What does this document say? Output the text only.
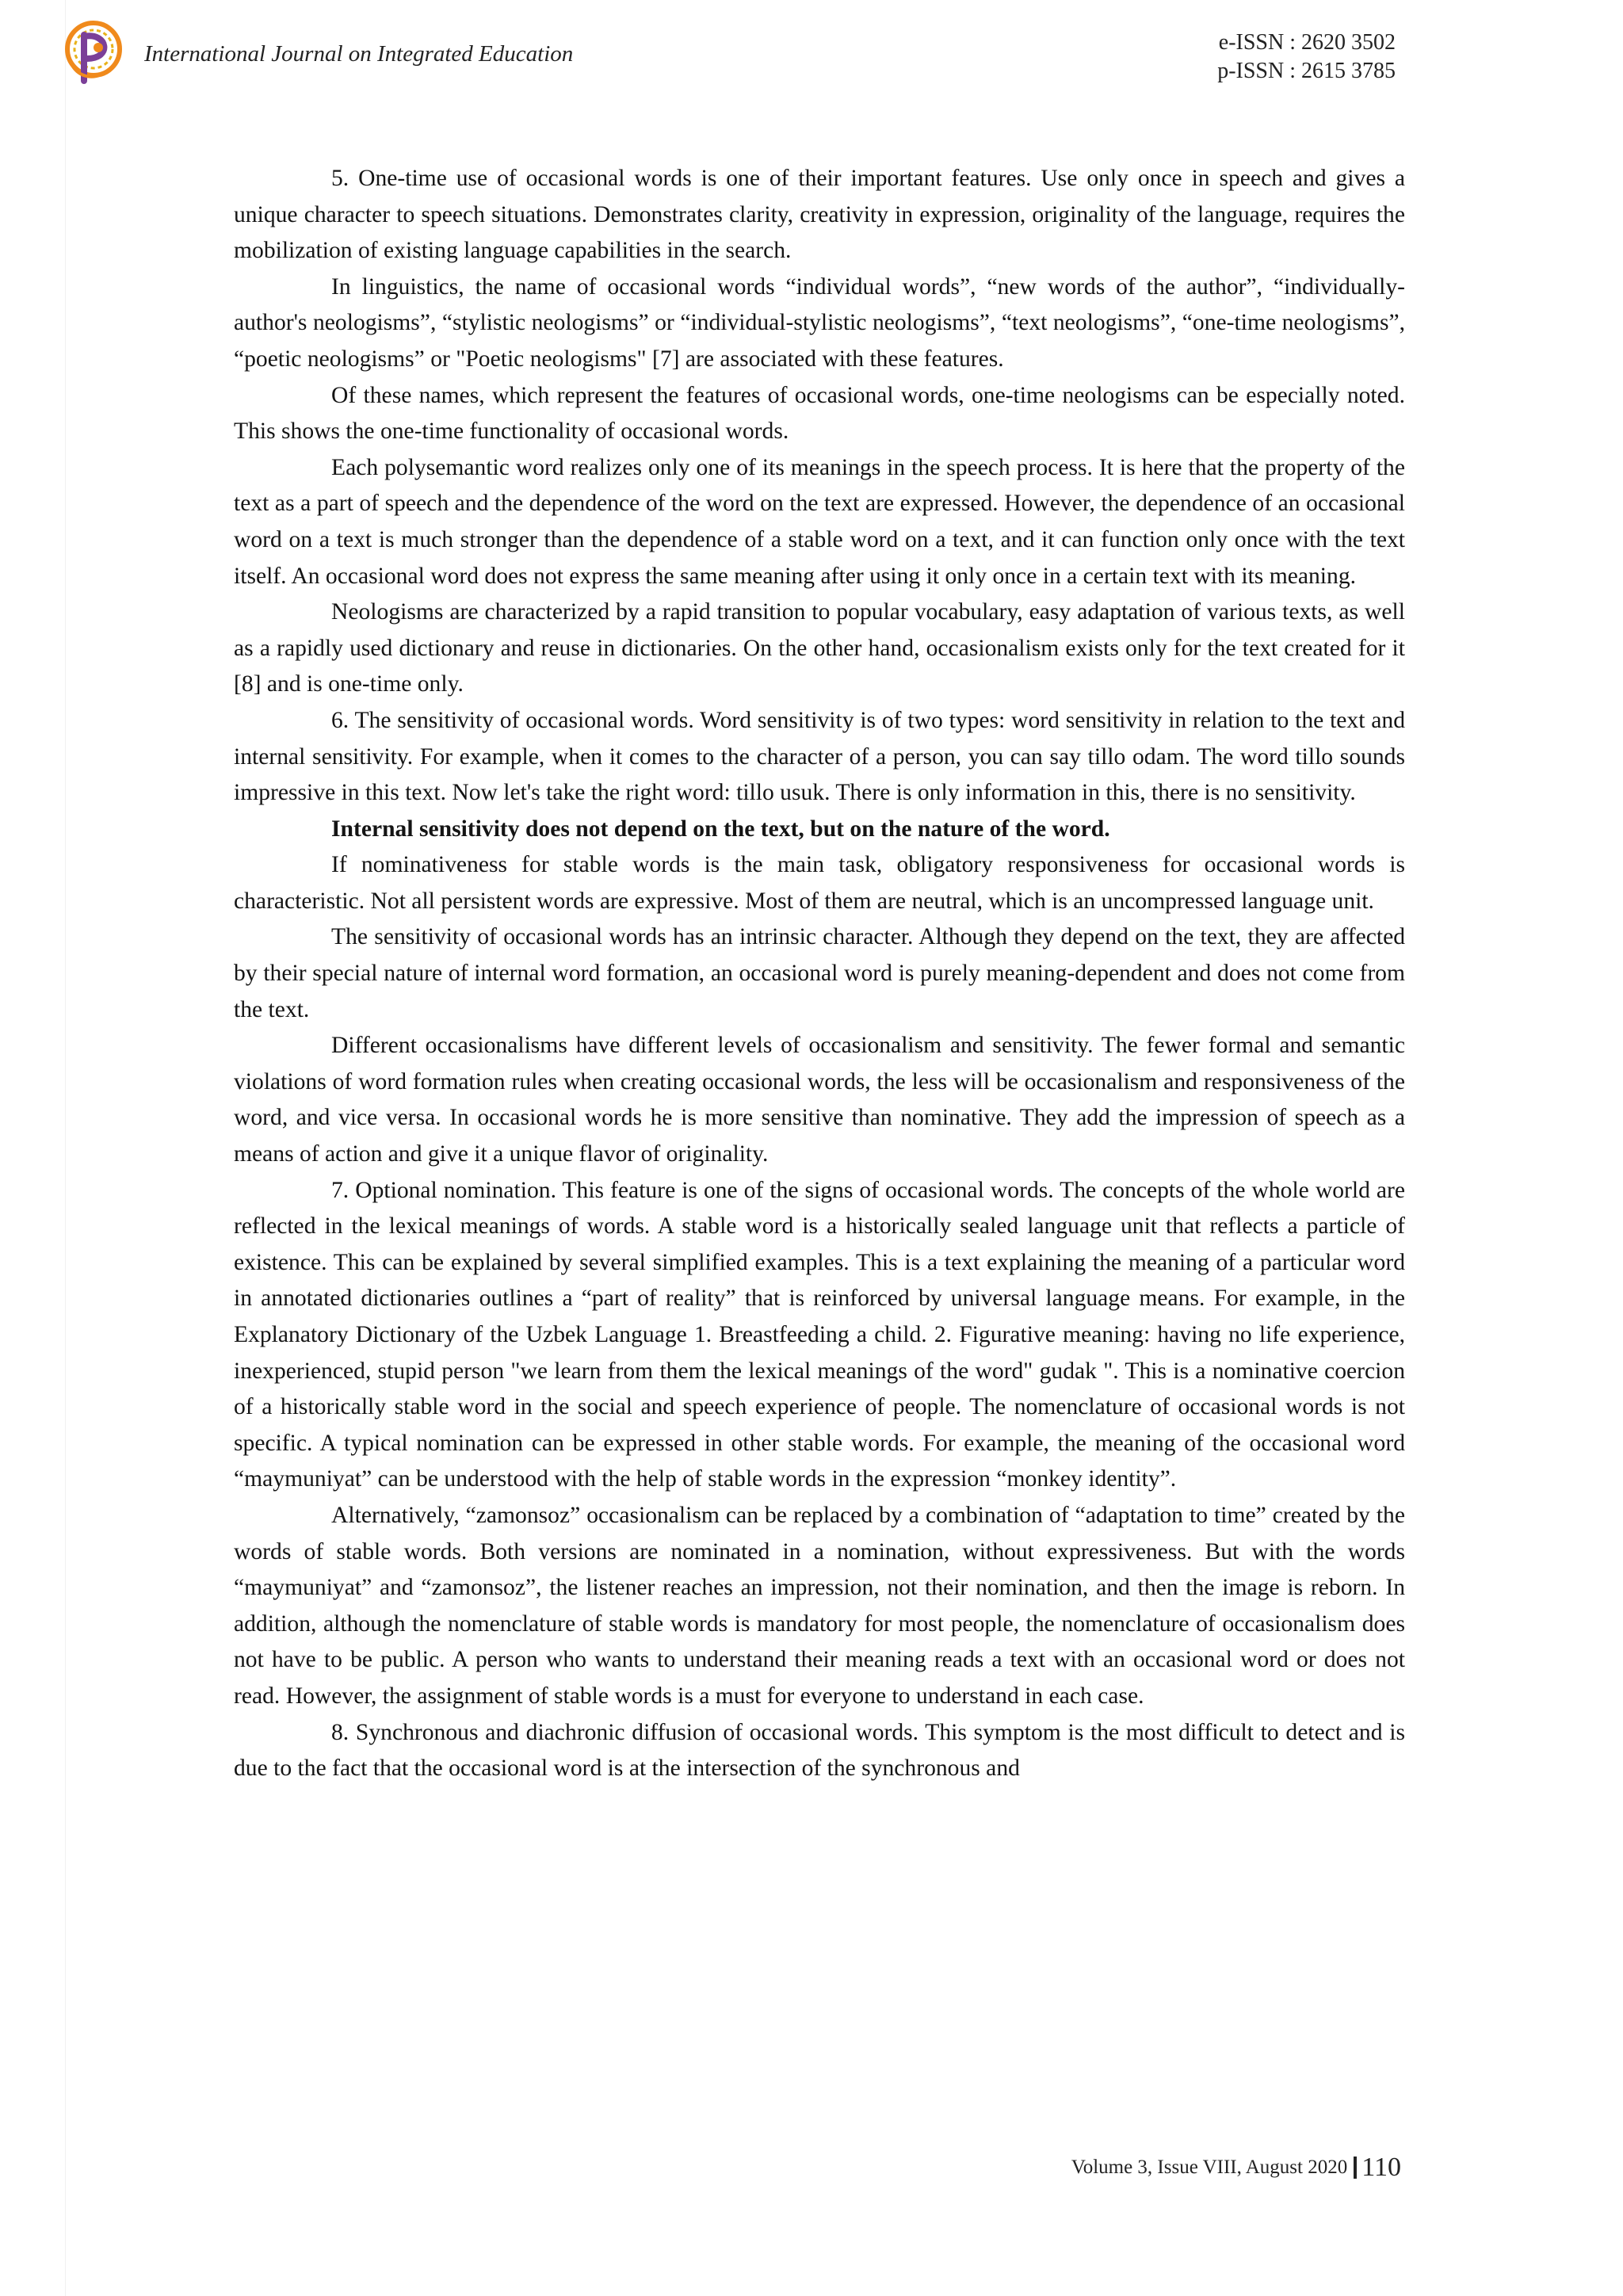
International Journal on Integrated Education	e-ISSN : 2620 3502
p-ISSN : 2615 3785

5. One-time use of occasional words is one of their important features. Use only once in speech and gives a unique character to speech situations. Demonstrates clarity, creativity in expression, originality of the language, requires the mobilization of existing language capabilities in the search.

In linguistics, the name of occasional words “individual words”, “new words of the author”, “individually-author's neologisms”, “stylistic neologisms” or “individual-stylistic neologisms”, “text neologisms”, “one-time neologisms”, “poetic neologisms” or "Poetic neologisms" [7] are associated with these features.

Of these names, which represent the features of occasional words, one-time neologisms can be especially noted. This shows the one-time functionality of occasional words.

Each polysemantic word realizes only one of its meanings in the speech process. It is here that the property of the text as a part of speech and the dependence of the word on the text are expressed. However, the dependence of an occasional word on a text is much stronger than the dependence of a stable word on a text, and it can function only once with the text itself. An occasional word does not express the same meaning after using it only once in a certain text with its meaning.

Neologisms are characterized by a rapid transition to popular vocabulary, easy adaptation of various texts, as well as a rapidly used dictionary and reuse in dictionaries. On the other hand, occasionalism exists only for the text created for it [8] and is one-time only.

6. The sensitivity of occasional words. Word sensitivity is of two types: word sensitivity in relation to the text and internal sensitivity. For example, when it comes to the character of a person, you can say tillo odam. The word tillo sounds impressive in this text. Now let's take the right word: tillo usuk. There is only information in this, there is no sensitivity.

Internal sensitivity does not depend on the text, but on the nature of the word.

If nominativeness for stable words is the main task, obligatory responsiveness for occasional words is characteristic. Not all persistent words are expressive. Most of them are neutral, which is an uncompressed language unit.

The sensitivity of occasional words has an intrinsic character. Although they depend on the text, they are affected by their special nature of internal word formation, an occasional word is purely meaning-dependent and does not come from the text.

Different occasionalisms have different levels of occasionalism and sensitivity. The fewer formal and semantic violations of word formation rules when creating occasional words, the less will be occasionalism and responsiveness of the word, and vice versa. In occasional words he is more sensitive than nominative. They add the impression of speech as a means of action and give it a unique flavor of originality.

7. Optional nomination. This feature is one of the signs of occasional words. The concepts of the whole world are reflected in the lexical meanings of words. A stable word is a historically sealed language unit that reflects a particle of existence. This can be explained by several simplified examples. This is a text explaining the meaning of a particular word in annotated dictionaries outlines a “part of reality” that is reinforced by universal language means. For example, in the Explanatory Dictionary of the Uzbek Language 1. Breastfeeding a child. 2. Figurative meaning: having no life experience, inexperienced, stupid person "we learn from them the lexical meanings of the word" gudak ". This is a nominative coercion of a historically stable word in the social and speech experience of people. The nomenclature of occasional words is not specific. A typical nomination can be expressed in other stable words. For example, the meaning of the occasional word “maymuniyat” can be understood with the help of stable words in the expression “monkey identity”.

Alternatively, “zamonsoz” occasionalism can be replaced by a combination of “adaptation to time” created by the words of stable words. Both versions are nominated in a nomination, without expressiveness. But with the words “maymuniyat” and “zamonsoz”, the listener reaches an impression, not their nomination, and then the image is reborn. In addition, although the nomenclature of stable words is mandatory for most people, the nomenclature of occasionalism does not have to be public. A person who wants to understand their meaning reads a text with an occasional word or does not read. However, the assignment of stable words is a must for everyone to understand in each case.

8. Synchronous and diachronic diffusion of occasional words. This symptom is the most difficult to detect and is due to the fact that the occasional word is at the intersection of the synchronous and

Volume 3, Issue VIII, August 2020 110
